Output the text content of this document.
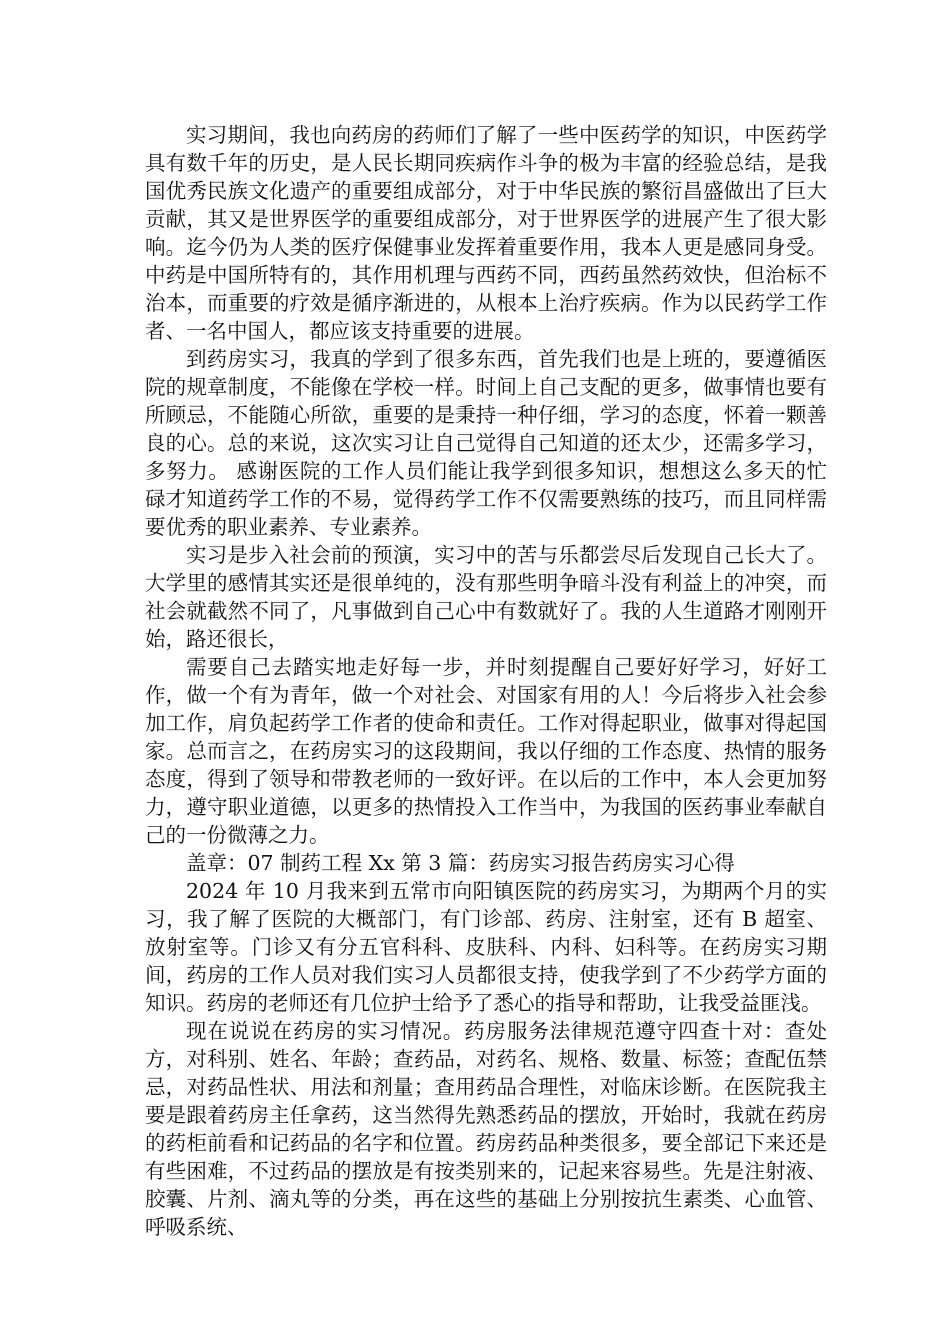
实习期间，我也向药房的药师们了解了一些中医药学的知识，中医药学具有数千年的历史，是人民长期同疾病作斗争的极为丰富的经验总结，是我国优秀民族文化遗产的重要组成部分，对于中华民族的繁衍昌盛做出了巨大贡献，其又是世界医学的重要组成部分，对于世界医学的进展产生了很大影响。迄今仍为人类的医疗保健事业发挥着重要作用，我本人更是感同身受。中药是中国所特有的，其作用机理与西药不同，西药虽然药效快，但治标不治本，而重要的疗效是循序渐进的，从根本上治疗疾病。作为以民药学工作者、一名中国人，都应该支持重要的进展。

到药房实习，我真的学到了很多东西，首先我们也是上班的，要遵循医院的规章制度，不能像在学校一样。时间上自己支配的更多，做事情也要有所顾忌，不能随心所欲，重要的是秉持一种仔细，学习的态度，怀着一颗善良的心。总的来说，这次实习让自己觉得自己知道的还太少，还需多学习，多努力。 感谢医院的工作人员们能让我学到很多知识，想想这么多天的忙碌才知道药学工作的不易，觉得药学工作不仅需要熟练的技巧，而且同样需要优秀的职业素养、专业素养。

实习是步入社会前的预演，实习中的苦与乐都尝尽后发现自己长大了。大学里的感情其实还是很单纯的，没有那些明争暗斗没有利益上的冲突，而社会就截然不同了，凡事做到自己心中有数就好了。我的人生道路才刚刚开始，路还很长，

需要自己去踏实地走好每一步，并时刻提醒自己要好好学习，好好工作，做一个有为青年，做一个对社会、对国家有用的人！今后将步入社会参加工作，肩负起药学工作者的使命和责任。工作对得起职业，做事对得起国家。总而言之，在药房实习的这段期间，我以仔细的工作态度、热情的服务态度，得到了领导和带教老师的一致好评。在以后的工作中，本人会更加努力，遵守职业道德，以更多的热情投入工作当中，为我国的医药事业奉献自己的一份微薄之力。

盖章：07 制药工程 Xx 第 3 篇：药房实习报告药房实习心得

2024 年 10 月我来到五常市向阳镇医院的药房实习，为期两个月的实习，我了解了医院的大概部门，有门诊部、药房、注射室，还有 B 超室、放射室等。门诊又有分五官科科、皮肤科、内科、妇科等。在药房实习期间，药房的工作人员对我们实习人员都很支持，使我学到了不少药学方面的知识。药房的老师还有几位护士给予了悉心的指导和帮助，让我受益匪浅。

现在说说在药房的实习情况。药房服务法律规范遵守四查十对：查处方，对科别、姓名、年龄；查药品，对药名、规格、数量、标签；查配伍禁忌，对药品性状、用法和剂量；查用药品合理性，对临床诊断。在医院我主要是跟着药房主任拿药，这当然得先熟悉药品的摆放，开始时，我就在药房的药柜前看和记药品的名字和位置。药房药品种类很多，要全部记下来还是有些困难，不过药品的摆放是有按类别来的，记起来容易些。先是注射液、胶囊、片剂、滴丸等的分类，再在这些的基础上分别按抗生素类、心血管、呼吸系统、
